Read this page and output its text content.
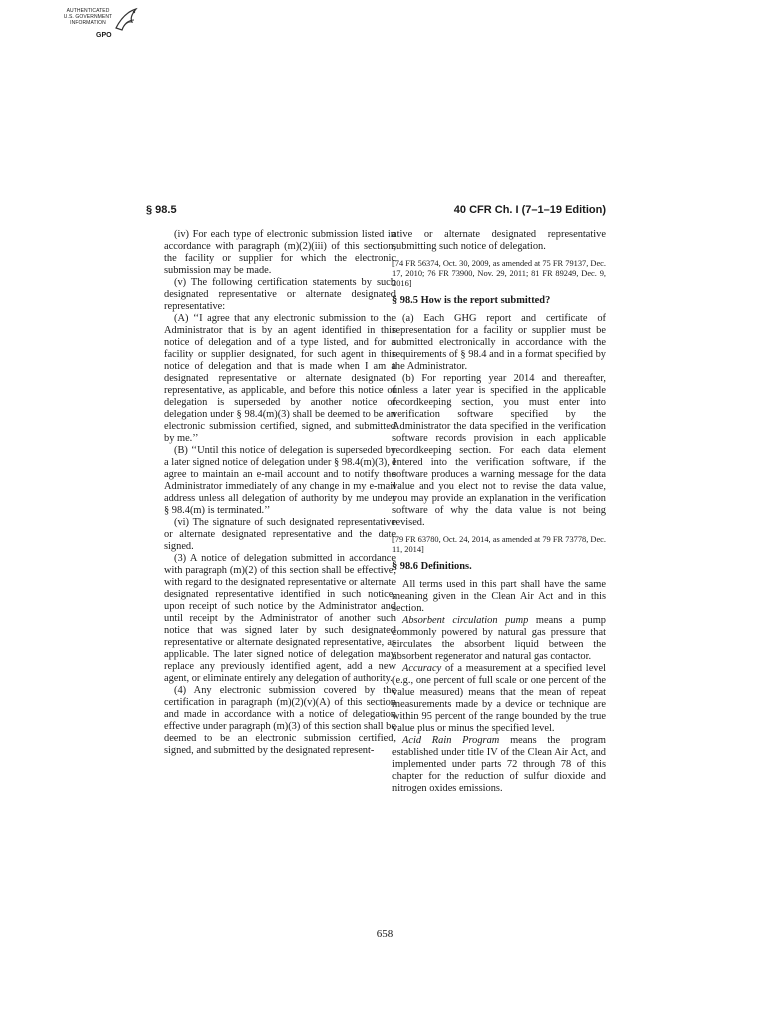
AUTHENTICATED
U.S. GOVERNMENT
INFORMATION
GPO
§ 98.5	40 CFR Ch. I (7–1–19 Edition)

(iv) For each type of electronic submission listed in accordance with paragraph (m)(2)(iii) of this section, the facility or supplier for which the electronic submission may be made.

(v) The following certification statements by such designated representative or alternate designated representative:

(A) ‘‘I agree that any electronic submission to the Administrator that is by an agent identified in this notice of delegation and of a type listed, and for a facility or supplier designated, for such agent in this notice of delegation and that is made when I am a designated representative or alternate designated representative, as applicable, and before this notice of delegation is superseded by another notice of delegation under § 98.4(m)(3) shall be deemed to be an electronic submission certified, signed, and submitted by me.’’

(B) ‘‘Until this notice of delegation is superseded by a later signed notice of delegation under § 98.4(m)(3), I agree to maintain an e-mail account and to notify the Administrator immediately of any change in my e-mail address unless all delegation of authority by me under § 98.4(m) is terminated.’’

(vi) The signature of such designated representative or alternate designated representative and the date signed.

(3) A notice of delegation submitted in accordance with paragraph (m)(2) of this section shall be effective, with regard to the designated representative or alternate designated representative identified in such notice, upon receipt of such notice by the Administrator and until receipt by the Administrator of another such notice that was signed later by such designated representative or alternate designated representative, as applicable. The later signed notice of delegation may replace any previously identified agent, add a new agent, or eliminate entirely any delegation of authority.

(4) Any electronic submission covered by the certification in paragraph (m)(2)(v)(A) of this section and made in accordance with a notice of delegation effective under paragraph (m)(3) of this section shall be deemed to be an electronic submission certified, signed, and submitted by the designated represent-

ative or alternate designated representative submitting such notice of delegation.

[74 FR 56374, Oct. 30, 2009, as amended at 75 FR 79137, Dec. 17, 2010; 76 FR 73900, Nov. 29, 2011; 81 FR 89249, Dec. 9, 2016]

§ 98.5 How is the report submitted?

(a) Each GHG report and certificate of representation for a facility or supplier must be submitted electronically in accordance with the requirements of § 98.4 and in a format specified by the Administrator.

(b) For reporting year 2014 and thereafter, unless a later year is specified in the applicable recordkeeping section, you must enter into verification software specified by the Administrator the data specified in the verification software records provision in each applicable recordkeeping section. For each data element entered into the verification software, if the software produces a warning message for the data value and you elect not to revise the data value, you may provide an explanation in the verification software of why the data value is not being revised.

[79 FR 63780, Oct. 24, 2014, as amended at 79 FR 73778, Dec. 11, 2014]

§ 98.6 Definitions.

All terms used in this part shall have the same meaning given in the Clean Air Act and in this section.

Absorbent circulation pump means a pump commonly powered by natural gas pressure that circulates the absorbent liquid between the absorbent regenerator and natural gas contactor.

Accuracy of a measurement at a specified level (e.g., one percent of full scale or one percent of the value measured) means that the mean of repeat measurements made by a device or technique are within 95 percent of the range bounded by the true value plus or minus the specified level.

Acid Rain Program means the program established under title IV of the Clean Air Act, and implemented under parts 72 through 78 of this chapter for the reduction of sulfur dioxide and nitrogen oxides emissions.

658
